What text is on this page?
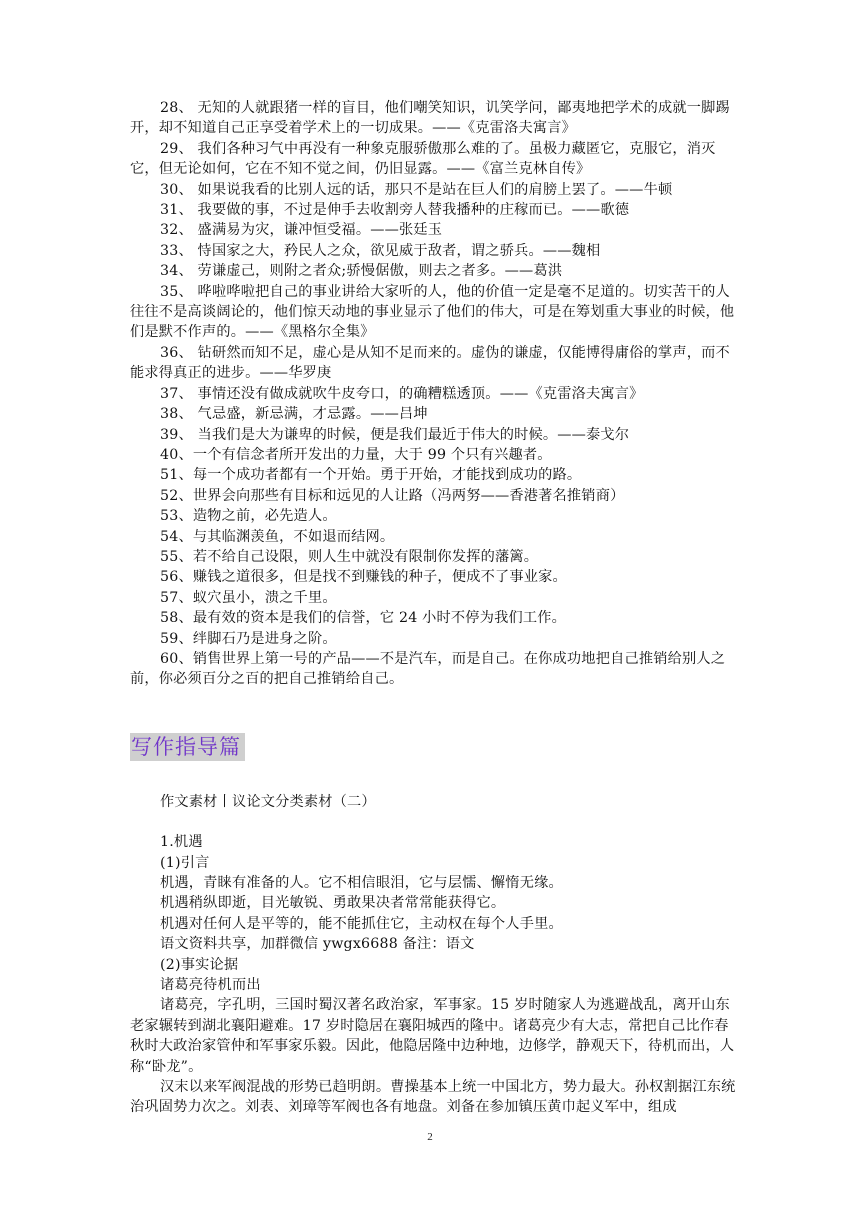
28、 无知的人就跟猪一样的盲目，他们嘲笑知识，讥笑学问，鄙夷地把学术的成就一脚踢开，却不知道自己正享受着学术上的一切成果。——《克雷洛夫寓言》

29、 我们各种习气中再没有一种象克服骄傲那么难的了。虽极力藏匿它，克服它，消灭它，但无论如何，它在不知不觉之间，仍旧显露。——《富兰克林自传》

30、 如果说我看的比别人远的话，那只不是站在巨人们的肩膀上罢了。——牛顿

31、 我要做的事，不过是伸手去收割旁人替我播种的庄稼而已。——歌德

32、 盛满易为灾，谦冲恒受福。——张廷玉

33、 恃国家之大，矜民人之众，欲见威于敌者，谓之骄兵。——魏相

34、 劳谦虚己，则附之者众;骄慢倨傲，则去之者多。——葛洪

35、 哗啦哗啦把自己的事业讲给大家听的人，他的价值一定是毫不足道的。切实苦干的人往往不是高谈阔论的，他们惊天动地的事业显示了他们的伟大，可是在筹划重大事业的时候，他们是默不作声的。——《黑格尔全集》

36、 钻研然而知不足，虚心是从知不足而来的。虚伪的谦虚，仅能博得庸俗的掌声，而不能求得真正的进步。——华罗庚

37、 事情还没有做成就吹牛皮夸口，的确糟糕透顶。——《克雷洛夫寓言》

38、 气忌盛，新忌满，才忌露。——吕坤

39、 当我们是大为谦卑的时候，便是我们最近于伟大的时候。——泰戈尔

40、一个有信念者所开发出的力量，大于 99 个只有兴趣者。

51、每一个成功者都有一个开始。勇于开始，才能找到成功的路。

52、世界会向那些有目标和远见的人让路（冯两努——香港著名推销商）

53、造物之前，必先造人。

54、与其临渊羡鱼，不如退而结网。

55、若不给自己设限，则人生中就没有限制你发挥的藩篱。

56、赚钱之道很多，但是找不到赚钱的种子，便成不了事业家。

57、蚁穴虽小，溃之千里。

58、最有效的资本是我们的信誉，它 24 小时不停为我们工作。

59、绊脚石乃是进身之阶。

60、销售世界上第一号的产品——不是汽车，而是自己。在你成功地把自己推销给别人之前，你必须百分之百的把自己推销给自己。

写作指导篇

作文素材丨议论文分类素材（二）

1.机遇

(1)引言

机遇，青睐有准备的人。它不相信眼泪，它与层懦、懈惰无缘。

机遇稍纵即逝，目光敏锐、勇敢果决者常常能获得它。

机遇对任何人是平等的，能不能抓住它，主动权在每个人手里。

语文资料共享，加群微信 ywgx6688 备注：语文

(2)事实论据

诸葛亮待机而出

诸葛亮，字孔明，三国时蜀汉著名政治家，军事家。15 岁时随家人为逃避战乱，离开山东老家辗转到湖北襄阳避难。17 岁时隐居在襄阳城西的隆中。诸葛亮少有大志，常把自己比作春秋时大政治家管仲和军事家乐毅。因此，他隐居隆中边种地，边修学，静观天下，待机而出，人称“卧龙”。

汉末以来军阀混战的形势已趋明朗。曹操基本上统一中国北方，势力最大。孙权割据江东统治巩固势力次之。刘表、刘璋等军阀也各有地盘。刘备在参加镇压黄巾起义军中，组成

2
